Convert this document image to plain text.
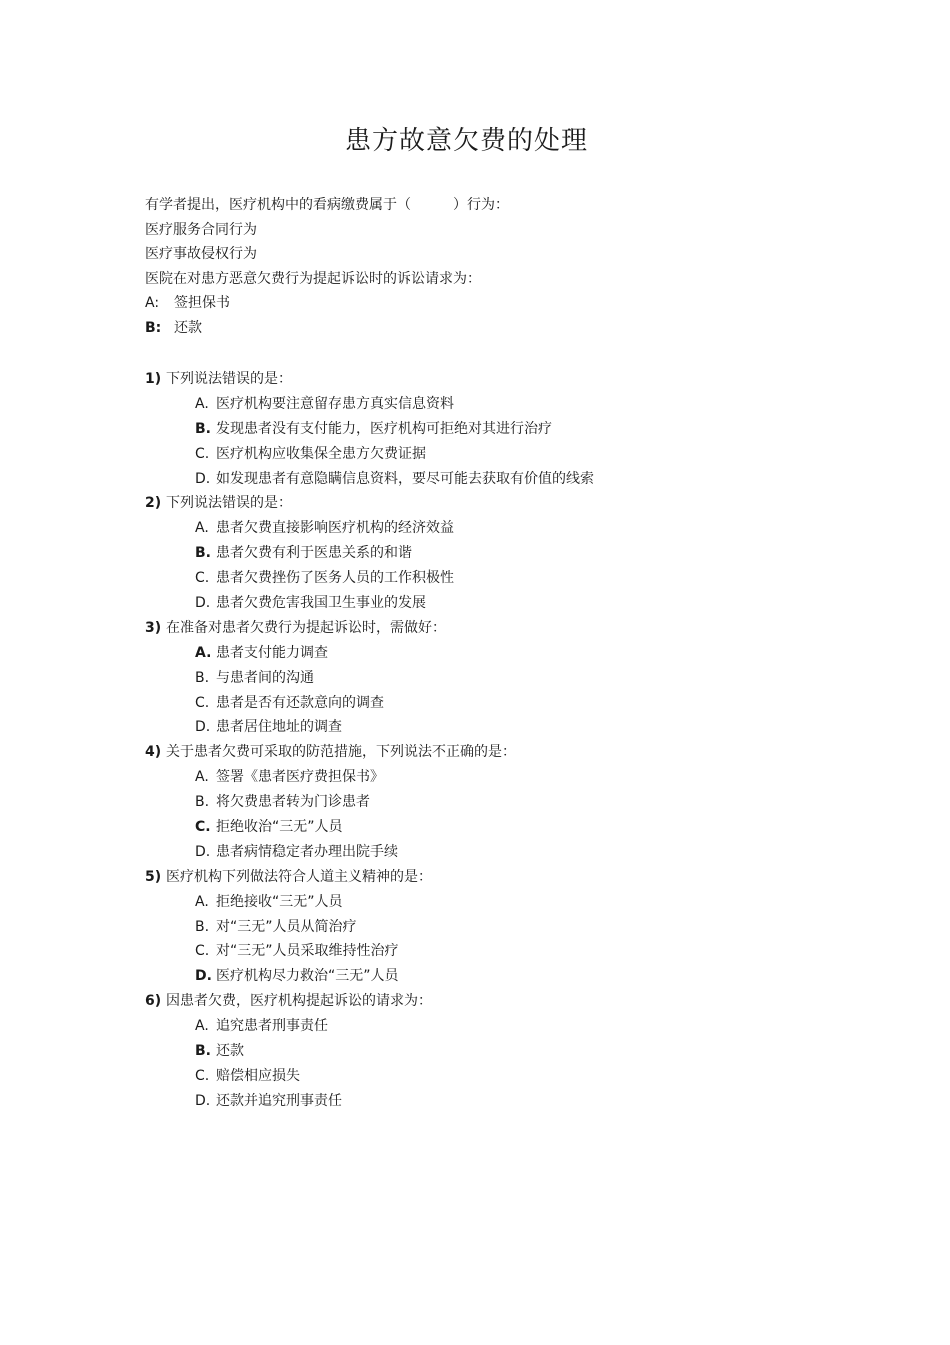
患方故意欠费的处理
有学者提出，医疗机构中的看病缴费属于（　　　）行为：
医疗服务合同行为
医疗事故侵权行为
医院在对患方恶意欠费行为提起诉讼时的诉讼请求为：
A: 签担保书
B: 还款
1) 下列说法错误的是：
A. 医疗机构要注意留存患方真实信息资料
B. 发现患者没有支付能力，医疗机构可拒绝对其进行治疗
C. 医疗机构应收集保全患方欠费证据
D. 如发现患者有意隐瞒信息资料，要尽可能去获取有价值的线索
2) 下列说法错误的是：
A. 患者欠费直接影响医疗机构的经济效益
B. 患者欠费有利于医患关系的和谐
C. 患者欠费挫伤了医务人员的工作积极性
D. 患者欠费危害我国卫生事业的发展
3) 在准备对患者欠费行为提起诉讼时，需做好：
A. 患者支付能力调查
B. 与患者间的沟通
C. 患者是否有还款意向的调查
D. 患者居住地址的调查
4) 关于患者欠费可采取的防范措施，下列说法不正确的是：
A. 签署《患者医疗费担保书》
B. 将欠费患者转为门诊患者
C. 拒绝收治“三无”人员
D. 患者病情稳定者办理出院手续
5) 医疗机构下列做法符合人道主义精神的是：
A. 拒绝接收“三无”人员
B. 对“三无”人员从简治疗
C. 对“三无”人员采取维持性治疗
D. 医疗机构尽力救治“三无”人员
6) 因患者欠费，医疗机构提起诉讼的请求为：
A. 追究患者刑事责任
B. 还款
C. 赔偿相应损失
D. 还款并追究刑事责任
